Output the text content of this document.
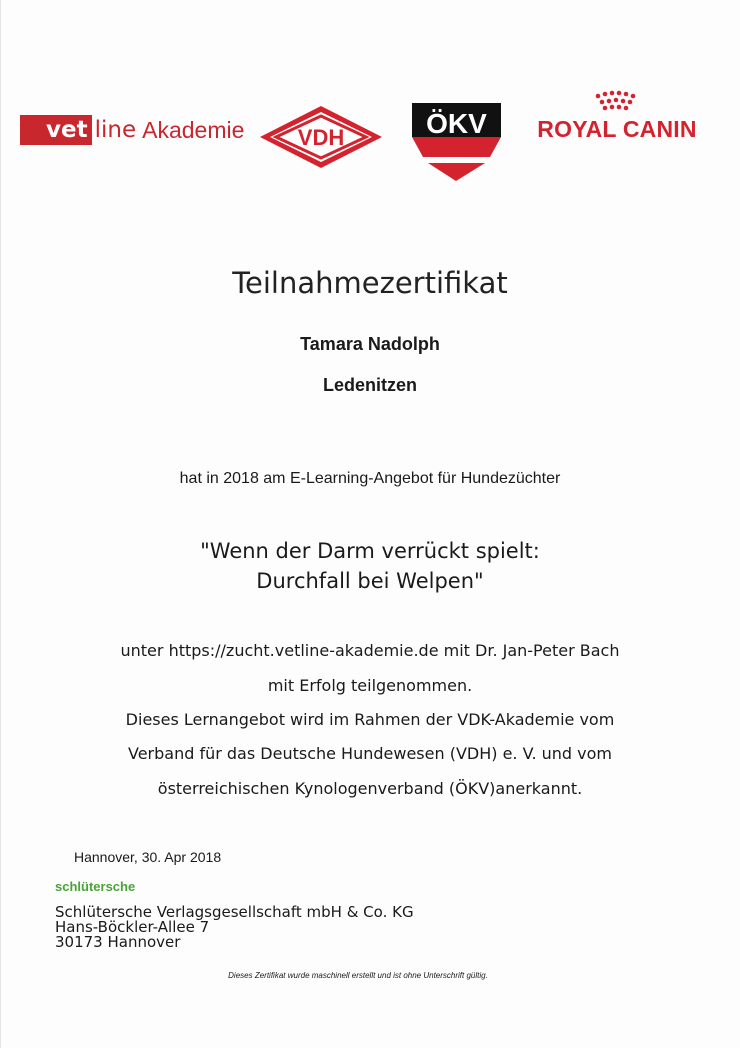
vet line Akademie VDH	ÖKV	ROYAL CANIN
Teilnahmezertifikat
Tamara Nadolph
Ledenitzen
hat in 2018 am E-Learning-Angebot für Hundezüchter
"Wenn der Darm verrückt spielt:
Durchfall bei Welpen"
unter https://zucht.vetline-akademie.de mit Dr. Jan-Peter Bach
mit Erfolg teilgenommen.
Dieses Lernangebot wird im Rahmen der VDK-Akademie vom
Verband für das Deutsche Hundewesen (VDH) e. V. und vom
österreichischen Kynologenverband (ÖKV)anerkannt.
Hannover, 30. Apr 2018
schlütersche
Schlütersche Verlagsgesellschaft mbH & Co. KG
Hans-Böckler-Allee 7
30173 Hannover
Dieses Zertifikat wurde maschinell erstellt und ist ohne Unterschrift gültig.
